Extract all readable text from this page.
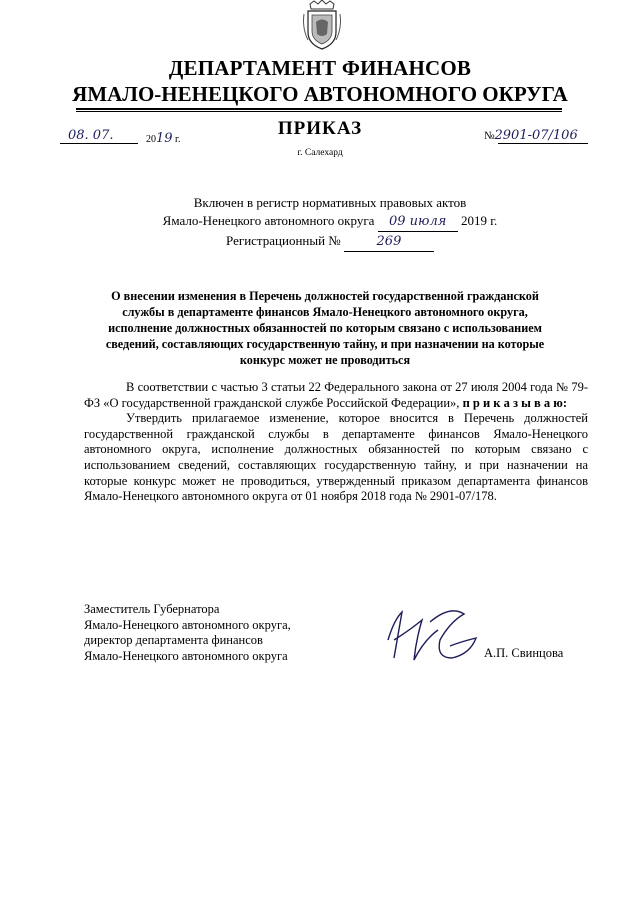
ДЕПАРТАМЕНТ ФИНАНСОВ
ЯМАЛО-НЕНЕЦКОГО АВТОНОМНОГО ОКРУГА
08. 07.	2019 г.
ПРИКАЗ
г. Салехард
№2901-07/106
Включен в регистр нормативных правовых актов
Ямало-Ненецкого автономного округа 09 июля 2019 г.
Регистрационный №	269
О внесении изменения в Перечень должностей государственной гражданской службы в департаменте финансов Ямало-Ненецкого автономного округа, исполнение должностных обязанностей по которым связано с использованием сведений, составляющих государственную тайну, и при назначении на которые конкурс может не проводиться

В соответствии с частью 3 статьи 22 Федерального закона от 27 июля 2004 года № 79-ФЗ «О государственной гражданской службе Российской Федерации», п р и к а з ы в а ю:

Утвердить прилагаемое изменение, которое вносится в Перечень должностей государственной гражданской службы в департаменте финансов Ямало-Ненецкого автономного округа, исполнение должностных обязанностей по которым связано с использованием сведений, составляющих государственную тайну, и при назначении на которые конкурс может не проводиться, утвержденный приказом департамента финансов Ямало-Ненецкого автономного округа от 01 ноября 2018 года № 2901-07/178.

Заместитель Губернатора
Ямало-Ненецкого автономного округа,
директор департамента финансов
Ямало-Ненецкого автономного округа	А.П. Свинцова
